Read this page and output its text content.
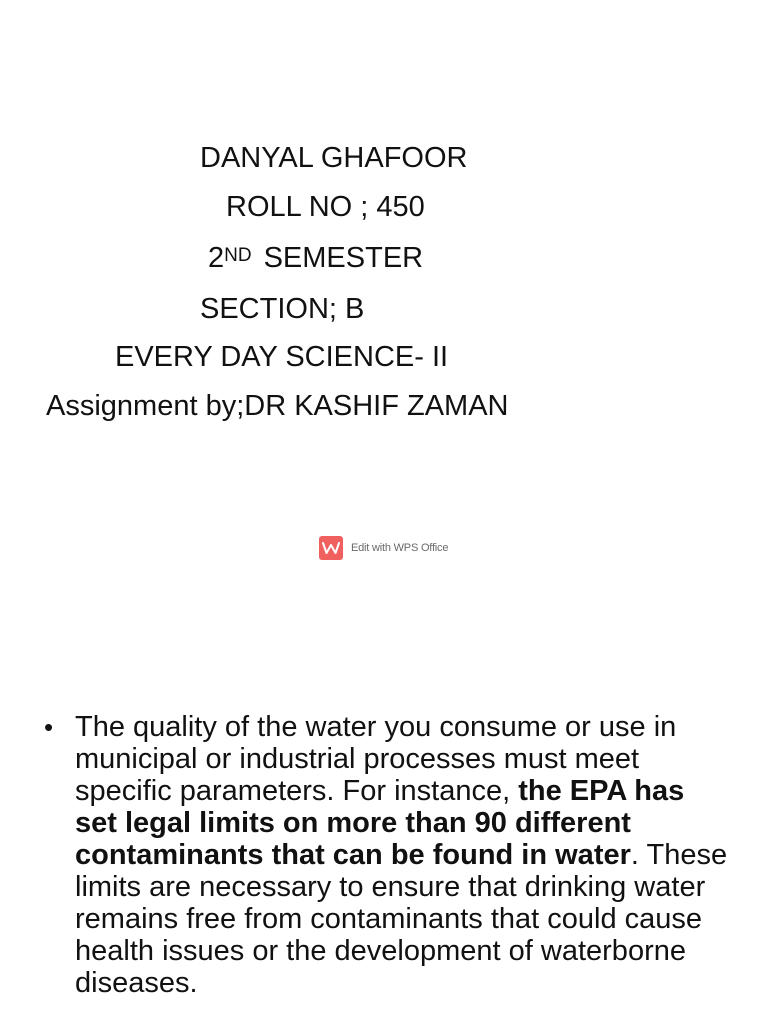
DANYAL GHAFOOR

ROLL NO ; 450

2ND SEMESTER

SECTION; B

EVERY DAY SCIENCE- II

Assignment by;DR KASHIF ZAMAN

Edit with WPS Office
• The quality of the water you consume or use in municipal or industrial processes must meet specific parameters. For instance, the EPA has set legal limits on more than 90 different contaminants that can be found in water. These limits are necessary to ensure that drinking water remains free from contaminants that could cause health issues or the development of waterborne diseases.
